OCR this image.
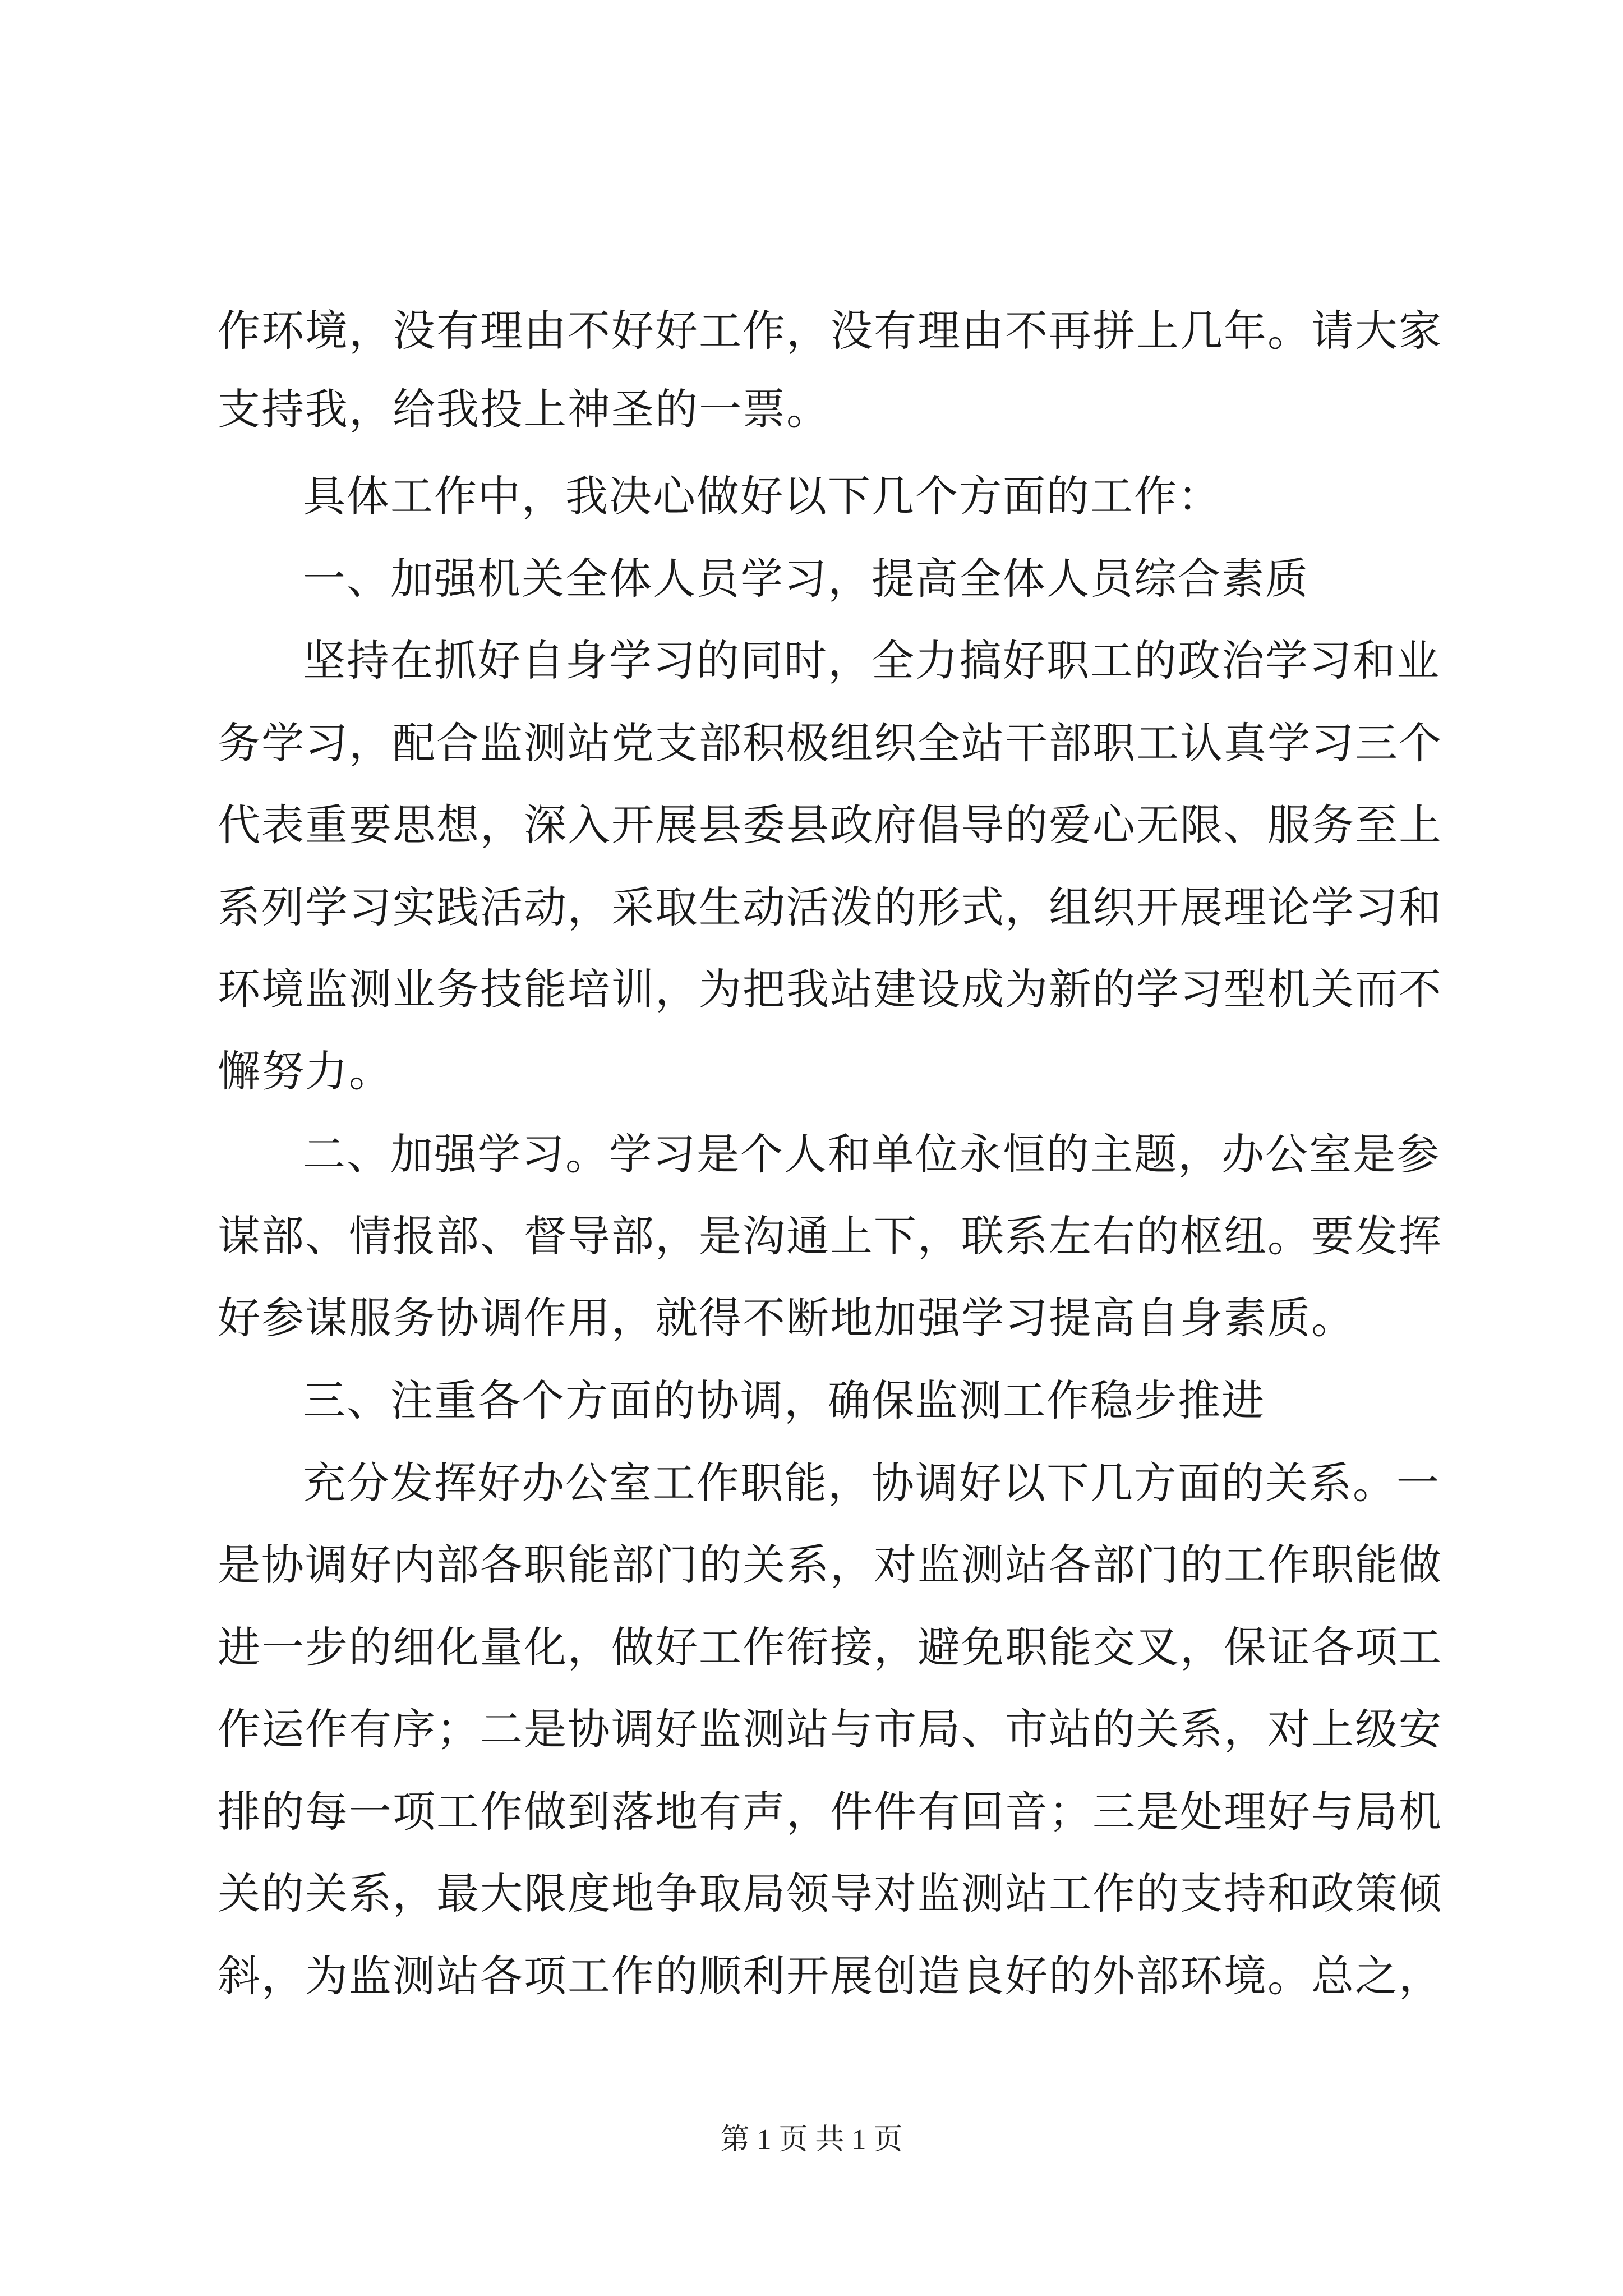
作环境，没有理由不好好工作，没有理由不再拼上几年。请大家
支持我，给我投上神圣的一票。
具体工作中，我决心做好以下几个方面的工作：
一、加强机关全体人员学习，提高全体人员综合素质
坚持在抓好自身学习的同时，全力搞好职工的政治学习和业
务学习，配合监测站党支部积极组织全站干部职工认真学习三个
代表重要思想，深入开展县委县政府倡导的爱心无限、服务至上
系列学习实践活动，采取生动活泼的形式，组织开展理论学习和
环境监测业务技能培训，为把我站建设成为新的学习型机关而不
懈努力。
二、加强学习。学习是个人和单位永恒的主题，办公室是参
谋部、情报部、督导部，是沟通上下，联系左右的枢纽。要发挥
好参谋服务协调作用，就得不断地加强学习提高自身素质。
三、注重各个方面的协调，确保监测工作稳步推进
充分发挥好办公室工作职能，协调好以下几方面的关系。一
是协调好内部各职能部门的关系，对监测站各部门的工作职能做
进一步的细化量化，做好工作衔接，避免职能交叉，保证各项工
作运作有序；二是协调好监测站与市局、市站的关系，对上级安
排的每一项工作做到落地有声，件件有回音；三是处理好与局机
关的关系，最大限度地争取局领导对监测站工作的支持和政策倾
斜，为监测站各项工作的顺利开展创造良好的外部环境。总之，
第 1 页 共 1 页
